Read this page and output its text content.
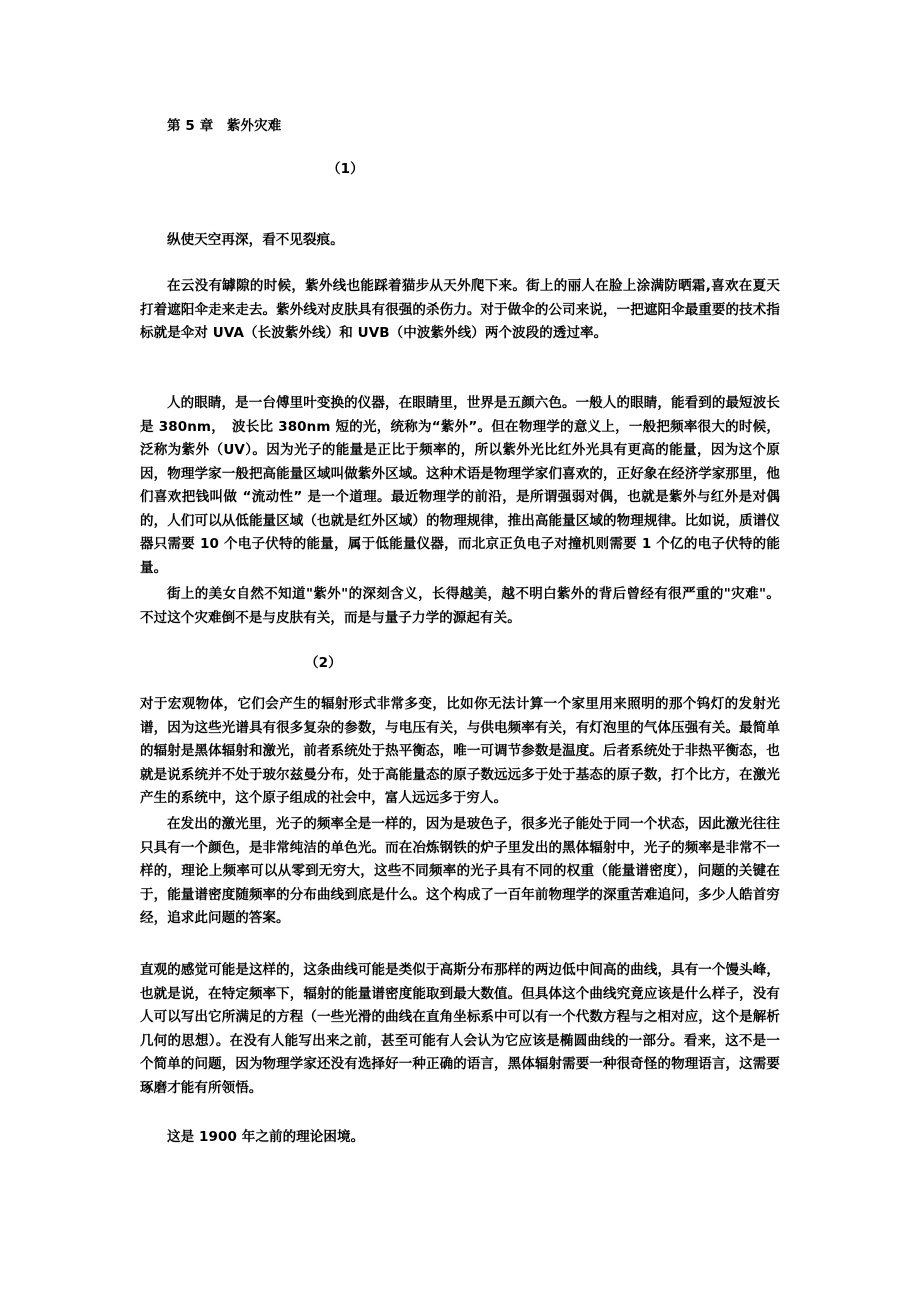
第 5 章　紫外灾难
（1）

纵使天空再深，看不见裂痕。

在云没有罅隙的时候，紫外线也能踩着猫步从天外爬下来。街上的丽人在脸上涂满防晒霜,喜欢在夏天打着遮阳伞走来走去。紫外线对皮肤具有很强的杀伤力。对于做伞的公司来说，一把遮阳伞最重要的技术指标就是伞对 UVA（长波紫外线）和 UVB（中波紫外线）两个波段的透过率。

人的眼睛，是一台傅里叶变换的仪器，在眼睛里，世界是五颜六色。一般人的眼睛，能看到的最短波长是 380nm，　波长比 380nm 短的光，统称为“紫外”。但在物理学的意义上，一般把频率很大的时候，泛称为紫外（UV）。因为光子的能量是正比于频率的，所以紫外光比红外光具有更高的能量，因为这个原因，物理学家一般把高能量区域叫做紫外区域。这种术语是物理学家们喜欢的，正好象在经济学家那里，他们喜欢把钱叫做 “流动性” 是一个道理。最近物理学的前沿，是所谓强弱对偶，也就是紫外与红外是对偶的，人们可以从低能量区域（也就是红外区域）的物理规律，推出高能量区域的物理规律。比如说，质谱仪器只需要 10 个电子伏特的能量，属于低能量仪器，而北京正负电子对撞机则需要 1 个亿的电子伏特的能量。

街上的美女自然不知道"紫外"的深刻含义，长得越美，越不明白紫外的背后曾经有很严重的"灾难"。不过这个灾难倒不是与皮肤有关，而是与量子力学的源起有关。

（2）

对于宏观物体，它们会产生的辐射形式非常多变，比如你无法计算一个家里用来照明的那个钨灯的发射光谱，因为这些光谱具有很多复杂的参数，与电压有关，与供电频率有关，有灯泡里的气体压强有关。最简单的辐射是黑体辐射和激光，前者系统处于热平衡态，唯一可调节参数是温度。后者系统处于非热平衡态，也就是说系统并不处于玻尔兹曼分布，处于高能量态的原子数远远多于处于基态的原子数，打个比方，在激光产生的系统中，这个原子组成的社会中，富人远远多于穷人。

在发出的激光里，光子的频率全是一样的，因为是玻色子，很多光子能处于同一个状态，因此激光往往只具有一个颜色，是非常纯洁的单色光。而在冶炼钢铁的炉子里发出的黑体辐射中，光子的频率是非常不一样的，理论上频率可以从零到无穷大，这些不同频率的光子具有不同的权重（能量谱密度），问题的关键在于，能量谱密度随频率的分布曲线到底是什么。这个构成了一百年前物理学的深重苦难追问，多少人皓首穷经，追求此问题的答案。

直观的感觉可能是这样的，这条曲线可能是类似于高斯分布那样的两边低中间高的曲线，具有一个馒头峰，也就是说，在特定频率下，辐射的能量谱密度能取到最大数值。但具体这个曲线究竟应该是什么样子，没有人可以写出它所满足的方程（一些光滑的曲线在直角坐标系中可以有一个代数方程与之相对应，这个是解析几何的思想）。在没有人能写出来之前，甚至可能有人会认为它应该是椭圆曲线的一部分。看来，这不是一个简单的问题，因为物理学家还没有选择好一种正确的语言，黑体辐射需要一种很奇怪的物理语言，这需要琢磨才能有所领悟。

这是 1900 年之前的理论困境。
